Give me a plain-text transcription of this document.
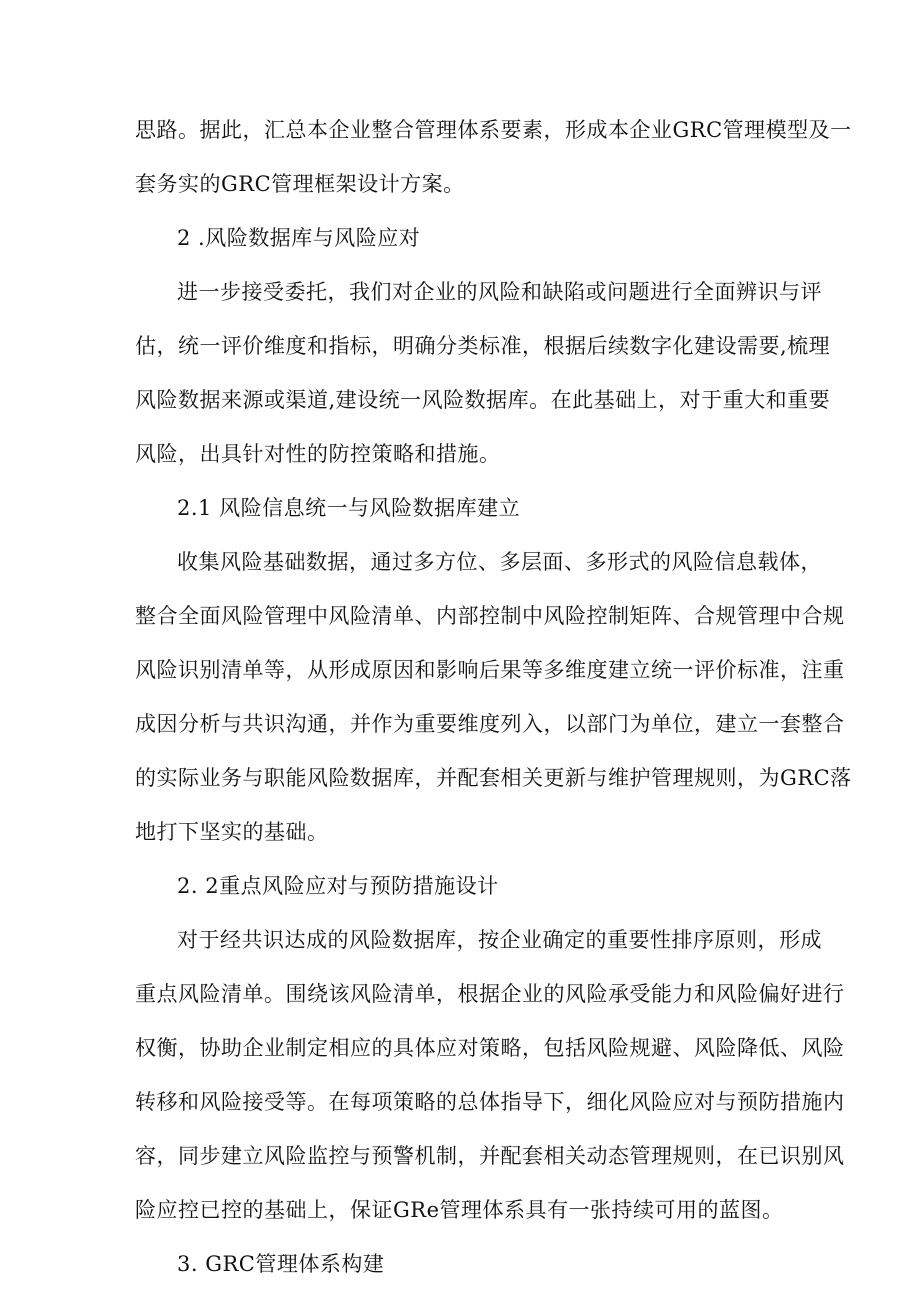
思路。据此，汇总本企业整合管理体系要素，形成本企业GRC管理模型及一
套务实的GRC管理框架设计方案。
2 .风险数据库与风险应对
进一步接受委托，我们对企业的风险和缺陷或问题进行全面辨识与评
估，统一评价维度和指标，明确分类标准，根据后续数字化建设需要,梳理
风险数据来源或渠道,建设统一风险数据库。在此基础上，对于重大和重要
风险，出具针对性的防控策略和措施。
2.1 风险信息统一与风险数据库建立
收集风险基础数据，通过多方位、多层面、多形式的风险信息载体，
整合全面风险管理中风险清单、内部控制中风险控制矩阵、合规管理中合规
风险识别清单等，从形成原因和影响后果等多维度建立统一评价标准，注重
成因分析与共识沟通，并作为重要维度列入，以部门为单位，建立一套整合
的实际业务与职能风险数据库，并配套相关更新与维护管理规则，为GRC落
地打下坚实的基础。
2. 2重点风险应对与预防措施设计
对于经共识达成的风险数据库，按企业确定的重要性排序原则，形成
重点风险清单。围绕该风险清单，根据企业的风险承受能力和风险偏好进行
权衡，协助企业制定相应的具体应对策略，包括风险规避、风险降低、风险
转移和风险接受等。在每项策略的总体指导下，细化风险应对与预防措施内
容，同步建立风险监控与预警机制，并配套相关动态管理规则，在已识别风
险应控已控的基础上，保证GRe管理体系具有一张持续可用的蓝图。
3. GRC管理体系构建
